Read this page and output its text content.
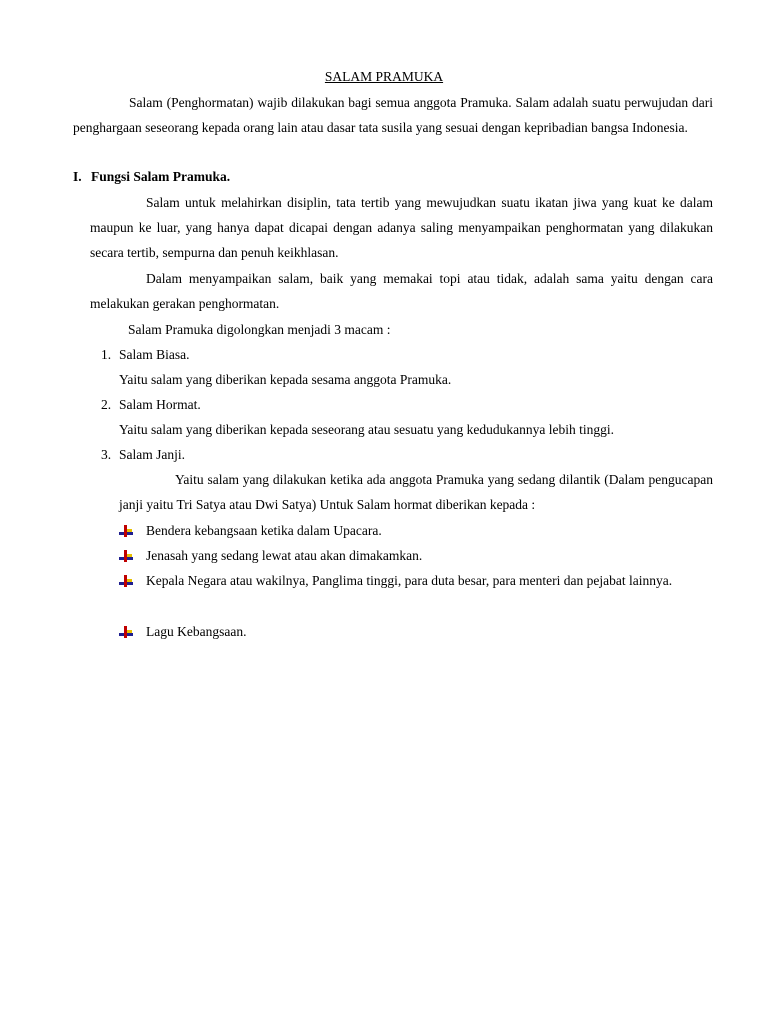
SALAM PRAMUKA
Salam (Penghormatan) wajib dilakukan bagi semua anggota Pramuka. Salam adalah suatu perwujudan dari penghargaan seseorang kepada orang lain atau dasar tata susila yang sesuai dengan kepribadian bangsa Indonesia.
I. Fungsi Salam Pramuka.
Salam untuk melahirkan disiplin, tata tertib yang mewujudkan suatu ikatan jiwa yang kuat ke dalam maupun ke luar, yang hanya dapat dicapai dengan adanya saling menyampaikan penghormatan yang dilakukan secara tertib, sempurna dan penuh keikhlasan.
Dalam menyampaikan salam, baik yang memakai topi atau tidak, adalah sama yaitu dengan cara melakukan gerakan penghormatan.
Salam Pramuka digolongkan menjadi 3 macam :
1. Salam Biasa.
Yaitu salam yang diberikan kepada sesama anggota Pramuka.
2. Salam Hormat.
Yaitu salam yang diberikan kepada seseorang atau sesuatu yang kedudukannya lebih tinggi.
3. Salam Janji.
Yaitu salam yang dilakukan ketika ada anggota Pramuka yang sedang dilantik (Dalam pengucapan janji yaitu Tri Satya atau Dwi Satya) Untuk Salam hormat diberikan kepada :
Bendera kebangsaan ketika dalam Upacara.
Jenasah yang sedang lewat atau akan dimakamkan.
Kepala Negara atau wakilnya, Panglima tinggi, para duta besar, para menteri dan pejabat lainnya.
Lagu Kebangsaan.
